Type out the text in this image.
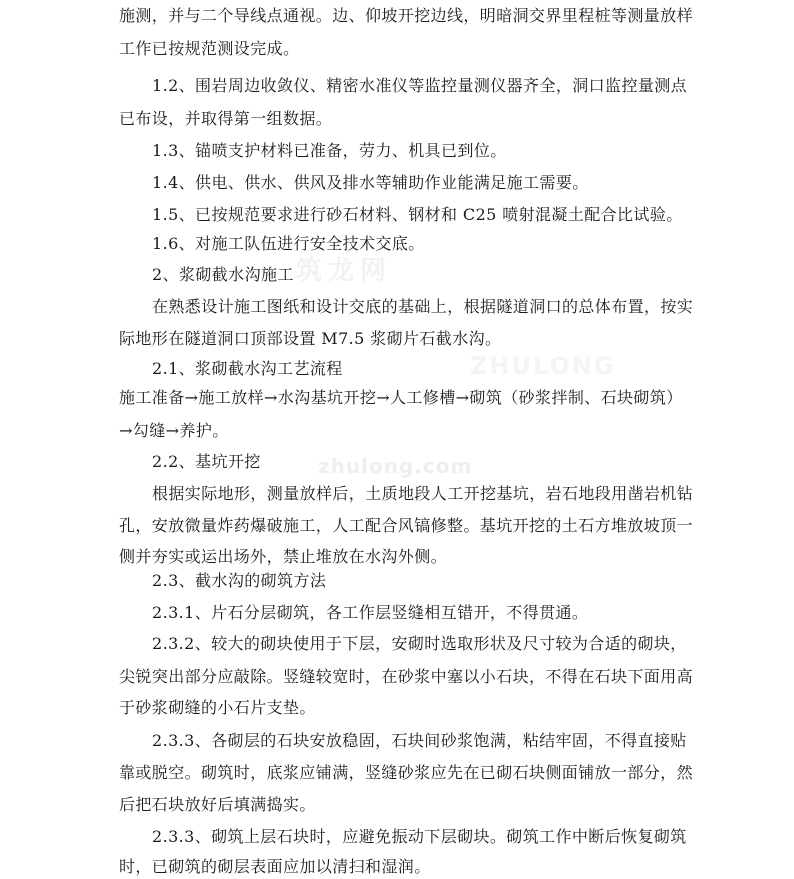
筑龙网
ZHULONG
zhulong.com
施测，并与二个导线点通视。边、仰坡开挖边线，明暗洞交界里程桩等测量放样
工作已按规范测设完成。
1.2、围岩周边收敛仪、精密水准仪等监控量测仪器齐全，洞口监控量测点
已布设，并取得第一组数据。
1.3、锚喷支护材料已准备，劳力、机具已到位。
1.4、供电、供水、供风及排水等辅助作业能满足施工需要。
1.5、已按规范要求进行砂石材料、钢材和 C25 喷射混凝土配合比试验。
1.6、对施工队伍进行安全技术交底。
2、浆砌截水沟施工
在熟悉设计施工图纸和设计交底的基础上，根据隧道洞口的总体布置，按实
际地形在隧道洞口顶部设置 M7.5 浆砌片石截水沟。
2.1、浆砌截水沟工艺流程
施工准备→施工放样→水沟基坑开挖→人工修槽→砌筑（砂浆拌制、石块砌筑）
→勾缝→养护。
2.2、基坑开挖
根据实际地形，测量放样后，土质地段人工开挖基坑，岩石地段用凿岩机钻
孔，安放微量炸药爆破施工，人工配合风镐修整。基坑开挖的土石方堆放坡顶一
侧并夯实或运出场外，禁止堆放在水沟外侧。
2.3、截水沟的砌筑方法
2.3.1、片石分层砌筑，各工作层竖缝相互错开，不得贯通。
2.3.2、较大的砌块使用于下层，安砌时选取形状及尺寸较为合适的砌块，
尖锐突出部分应敲除。竖缝较宽时，在砂浆中塞以小石块，不得在石块下面用高
于砂浆砌缝的小石片支垫。
2.3.3、各砌层的石块安放稳固，石块间砂浆饱满，粘结牢固，不得直接贴
靠或脱空。砌筑时，底浆应铺满，竖缝砂浆应先在已砌石块侧面铺放一部分，然
后把石块放好后填满捣实。
2.3.3、砌筑上层石块时，应避免振动下层砌块。砌筑工作中断后恢复砌筑
时，已砌筑的砌层表面应加以清扫和湿润。
